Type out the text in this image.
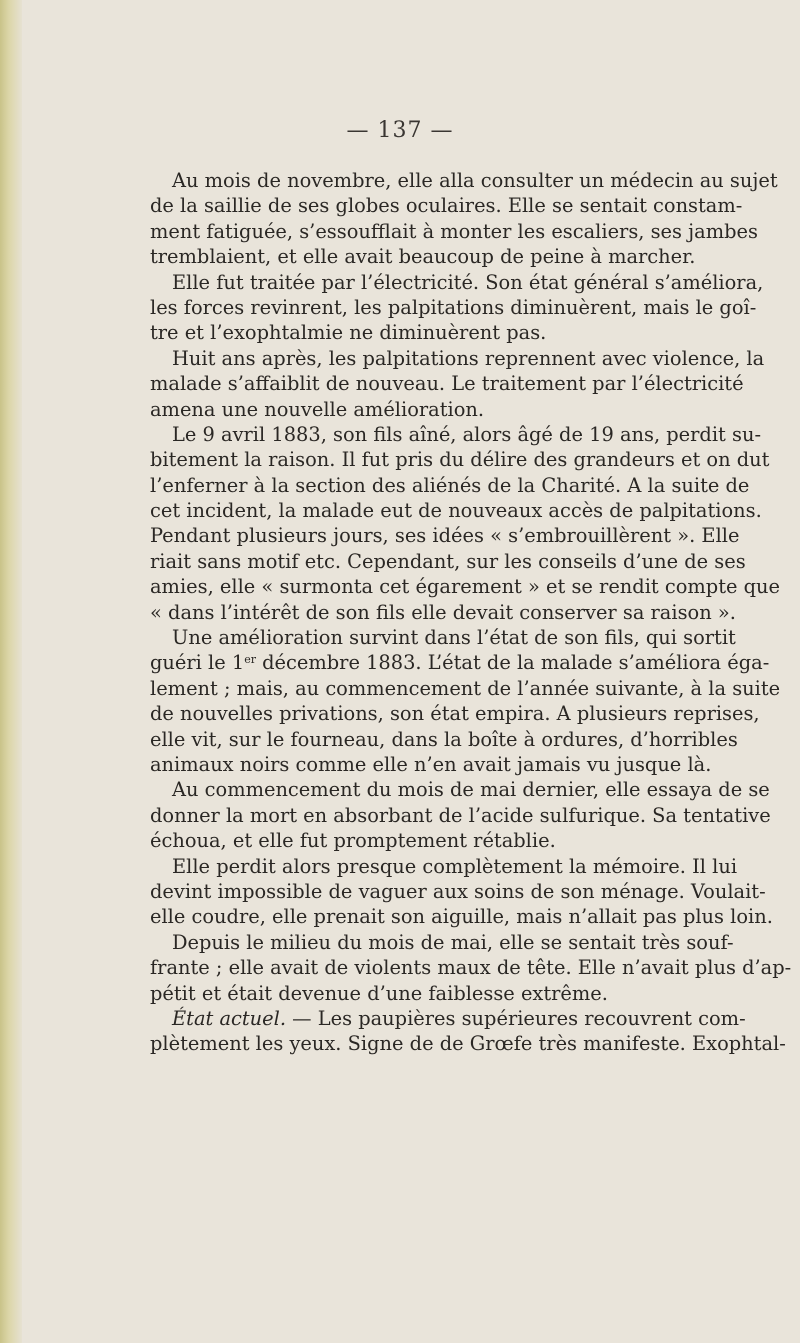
— 137 —
Au mois de novembre, elle alla consulter un médecin au sujet
de la saillie de ses globes oculaires. Elle se sentait constam-
ment fatiguée, s’essoufflait à monter les escaliers, ses jambes
tremblaient, et elle avait beaucoup de peine à marcher.
Elle fut traitée par l’électricité. Son état général s’améliora,
les forces revinrent, les palpitations diminuèrent, mais le goî-
tre et l’exophtalmie ne diminuèrent pas.
Huit ans après, les palpitations reprennent avec violence, la
malade s’affaiblit de nouveau. Le traitement par l’électricité
amena une nouvelle amélioration.
Le 9 avril 1883, son fils aîné, alors âgé de 19 ans, perdit su-
bitement la raison. Il fut pris du délire des grandeurs et on dut
l’enferner à la section des aliénés de la Charité. A la suite de
cet incident, la malade eut de nouveaux accès de palpitations.
Pendant plusieurs jours, ses idées « s’embrouillèrent ». Elle
riait sans motif etc. Cependant, sur les conseils d’une de ses
amies, elle « surmonta cet égarement » et se rendit compte que
« dans l’intérêt de son fils elle devait conserver sa raison ».
Une amélioration survint dans l’état de son fils, qui sortit
guéri le 1er décembre 1883. L’état de la malade s’améliora éga-
lement ; mais, au commencement de l’année suivante, à la suite
de nouvelles privations, son état empira. A plusieurs reprises,
elle vit, sur le fourneau, dans la boîte à ordures, d’horribles
animaux noirs comme elle n’en avait jamais vu jusque là.
Au commencement du mois de mai dernier, elle essaya de se
donner la mort en absorbant de l’acide sulfurique. Sa tentative
échoua, et elle fut promptement rétablie.
Elle perdit alors presque complètement la mémoire. Il lui
devint impossible de vaguer aux soins de son ménage. Voulait-
elle coudre, elle prenait son aiguille, mais n’allait pas plus loin.
Depuis le milieu du mois de mai, elle se sentait très souf-
frante ; elle avait de violents maux de tête. Elle n’avait plus d’ap-
pétit et était devenue d’une faiblesse extrême.
État actuel. — Les paupières supérieures recouvrent com-
plètement les yeux. Signe de de Grœfe très manifeste. Exophtal-
